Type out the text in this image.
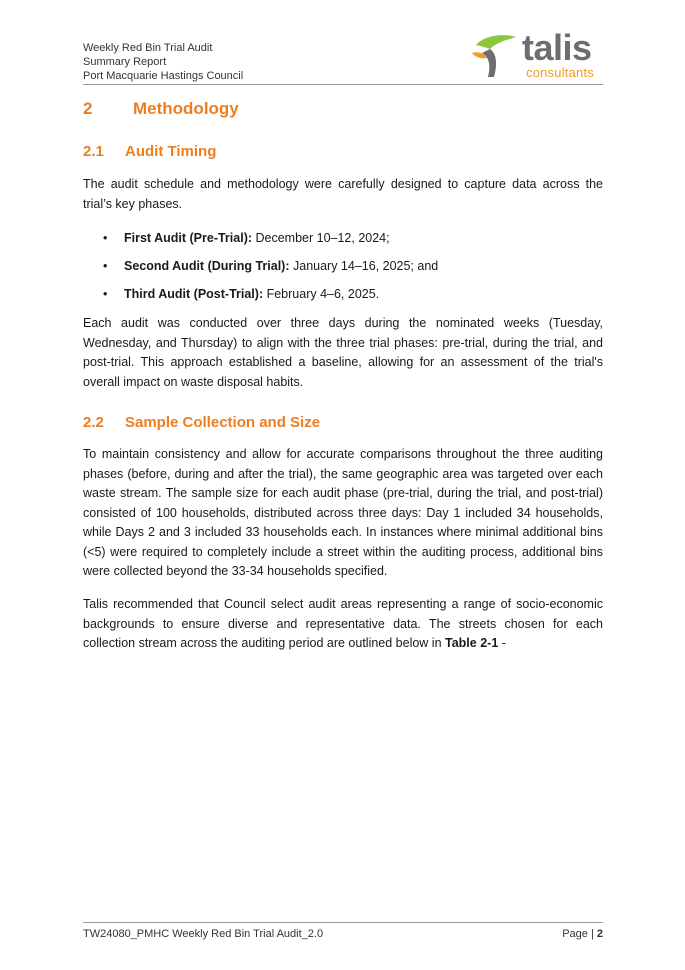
Weekly Red Bin Trial Audit
Summary Report
Port Macquarie Hastings Council
talis
consultants
2 Methodology
2.1 Audit Timing
The audit schedule and methodology were carefully designed to capture data across the trial’s key phases.
• First Audit (Pre-Trial): December 10–12, 2024;
• Second Audit (During Trial): January 14–16, 2025; and
• Third Audit (Post-Trial): February 4–6, 2025.
Each audit was conducted over three days during the nominated weeks (Tuesday, Wednesday, and Thursday) to align with the three trial phases: pre-trial, during the trial, and post-trial. This approach established a baseline, allowing for an assessment of the trial's overall impact on waste disposal habits.
2.2 Sample Collection and Size
To maintain consistency and allow for accurate comparisons throughout the three auditing phases (before, during and after the trial), the same geographic area was targeted over each waste stream. The sample size for each audit phase (pre-trial, during the trial, and post-trial) consisted of 100 households, distributed across three days: Day 1 included 34 households, while Days 2 and 3 included 33 households each. In instances where minimal additional bins (<5) were required to completely include a street within the auditing process, additional bins were collected beyond the 33-34 households specified.
Talis recommended that Council select audit areas representing a range of socio-economic backgrounds to ensure diverse and representative data. The streets chosen for each collection stream across the auditing period are outlined below in Table 2-1 -
TW24080_PMHC Weekly Red Bin Trial Audit_2.0	Page | 2
